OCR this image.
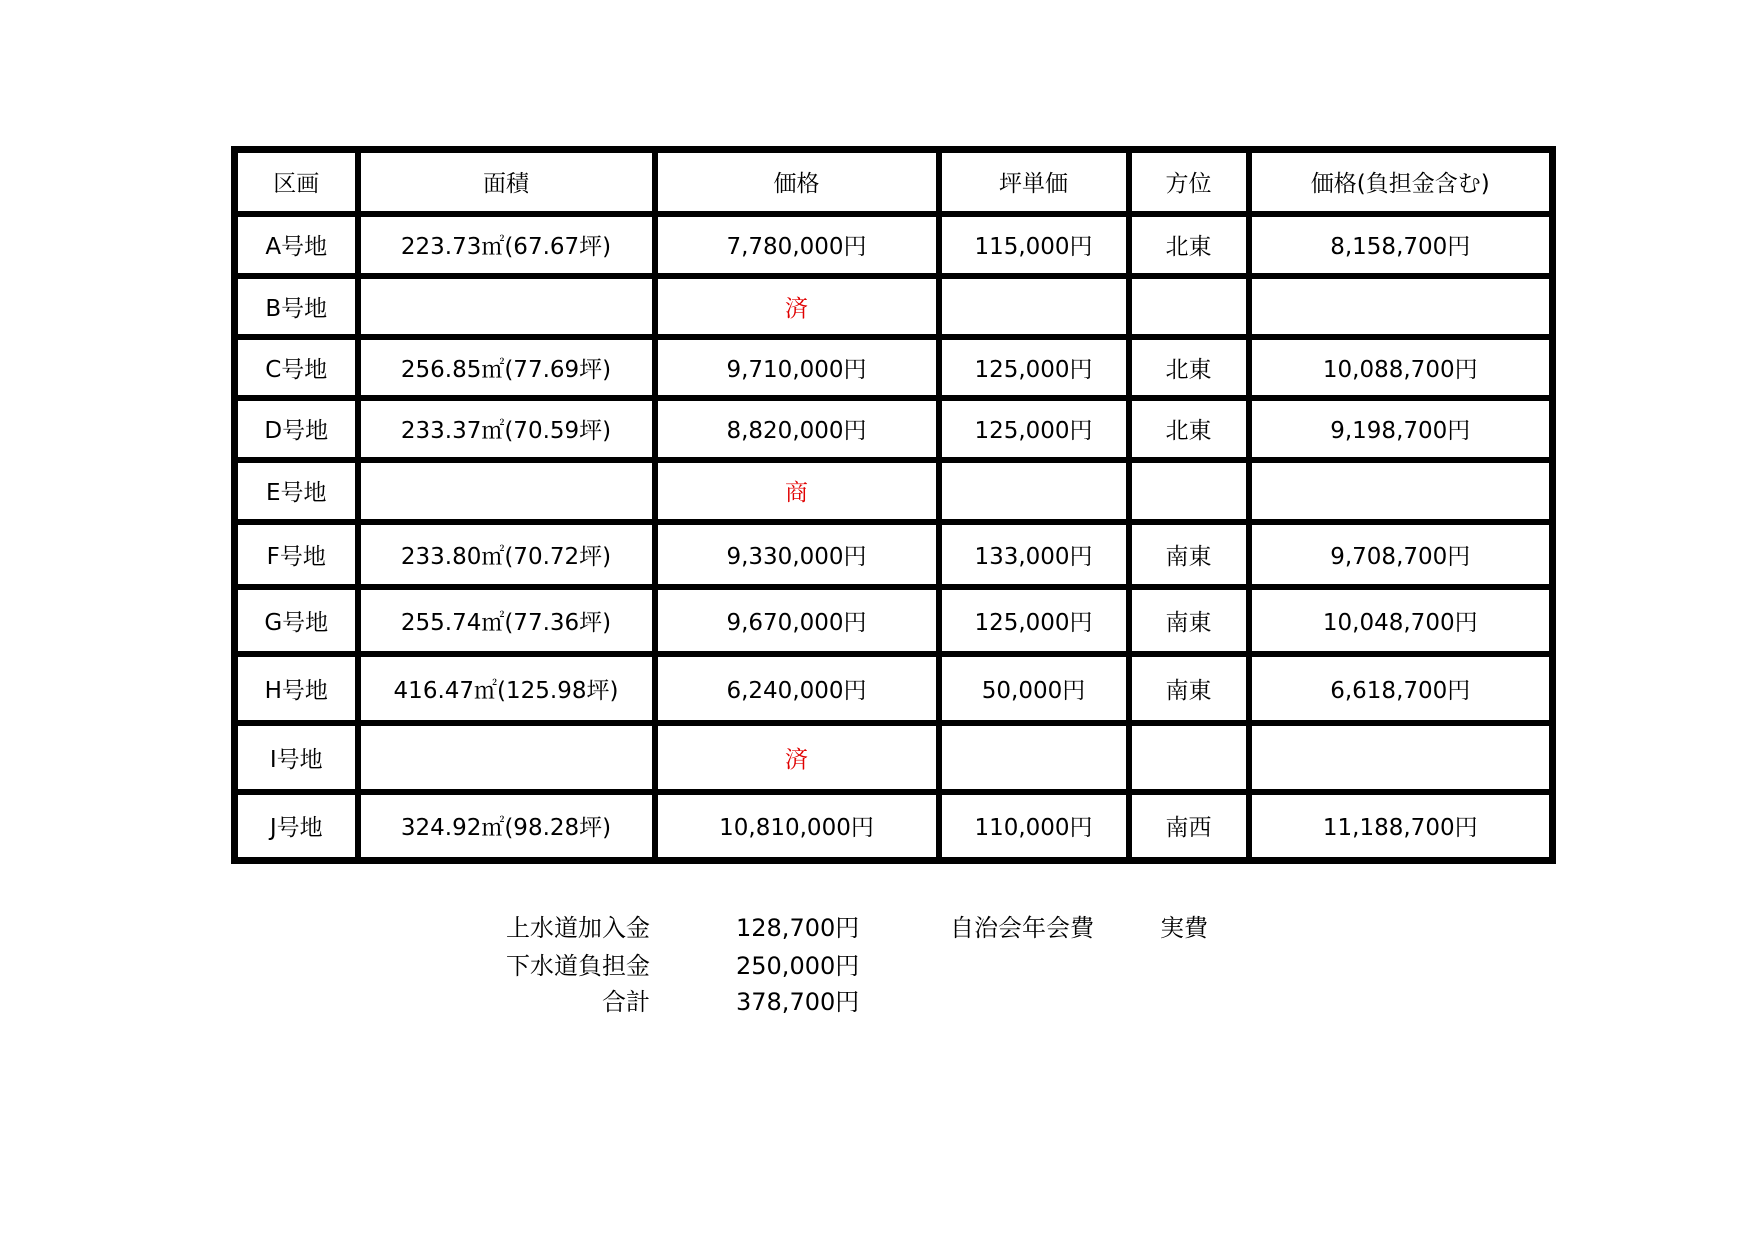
区画	面積	価格	坪単価	方位	価格(負担金含む)
A号地	223.73㎡(67.67坪)	7,780,000円	115,000円	北東	8,158,700円
B号地		済			
C号地	256.85㎡(77.69坪)	9,710,000円	125,000円	北東	10,088,700円
D号地	233.37㎡(70.59坪)	8,820,000円	125,000円	北東	9,198,700円
E号地		商			
F号地	233.80㎡(70.72坪)	9,330,000円	133,000円	南東	9,708,700円
G号地	255.74㎡(77.36坪)	9,670,000円	125,000円	南東	10,048,700円
H号地	416.47㎡(125.98坪)	6,240,000円	50,000円	南東	6,618,700円
I号地		済			
J号地	324.92㎡(98.28坪)	10,810,000円	110,000円	南西	11,188,700円
上水道加入金	128,700円
下水道負担金	250,000円
合計	378,700円
自治会年会費	実費
